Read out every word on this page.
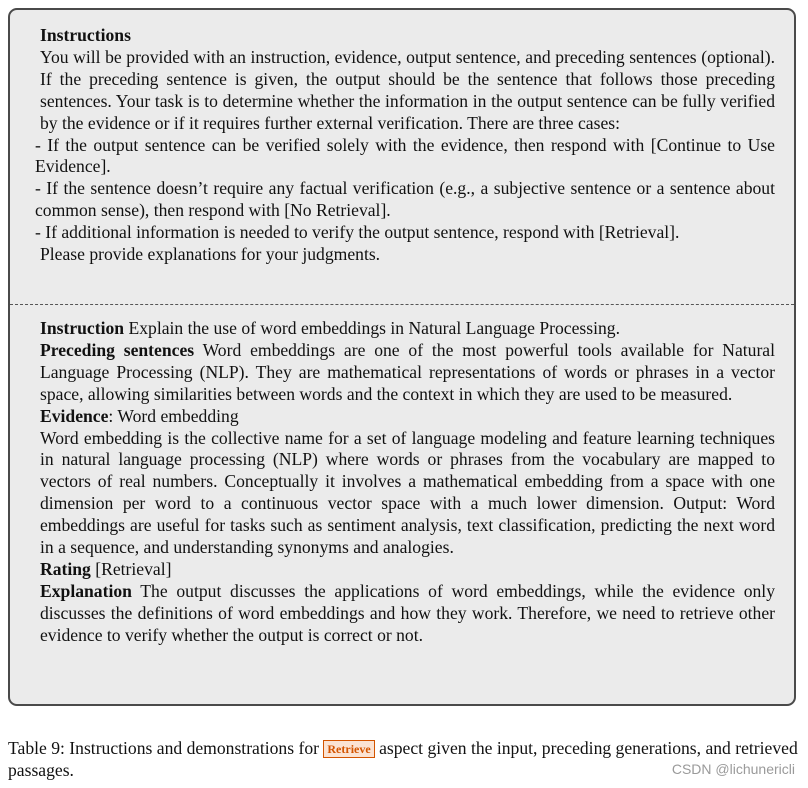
Instructions

You will be provided with an instruction, evidence, output sentence, and preceding sentences (optional). If the preceding sentence is given, the output should be the sentence that follows those preceding sentences. Your task is to determine whether the information in the output sentence can be fully verified by the evidence or if it requires further external verification. There are three cases:

- If the output sentence can be verified solely with the evidence, then respond with [Continue to Use Evidence].

- If the sentence doesn’t require any factual verification (e.g., a subjective sentence or a sentence about common sense), then respond with [No Retrieval].

- If additional information is needed to verify the output sentence, respond with [Retrieval].

Please provide explanations for your judgments.

Instruction Explain the use of word embeddings in Natural Language Processing.

Preceding sentences Word embeddings are one of the most powerful tools available for Natural Language Processing (NLP). They are mathematical representations of words or phrases in a vector space, allowing similarities between words and the context in which they are used to be measured.

Evidence: Word embedding

Word embedding is the collective name for a set of language modeling and feature learning techniques in natural language processing (NLP) where words or phrases from the vocabulary are mapped to vectors of real numbers. Conceptually it involves a mathematical embedding from a space with one dimension per word to a continuous vector space with a much lower dimension. Output: Word embeddings are useful for tasks such as sentiment analysis, text classification, predicting the next word in a sequence, and understanding synonyms and analogies.

Rating [Retrieval]

Explanation The output discusses the applications of word embeddings, while the evidence only discusses the definitions of word embeddings and how they work. Therefore, we need to retrieve other evidence to verify whether the output is correct or not.

Table 9: Instructions and demonstrations for Retrieve aspect given the input, preceding generations, and retrieved passages.	CSDN @lichunericli
